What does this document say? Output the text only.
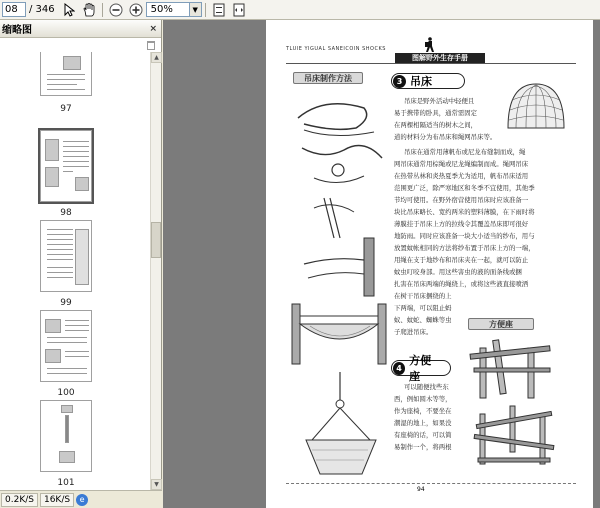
08
/ 346	50%	▼
缩略图	×
97
98
99
100
101
▲
▼
0.2K/S	16K/S	e
TLUIE YIGUAL SANEICOIN SHOCKS
图解野外生存手册
吊床制作方法	3 吊床
吊床是野外活动中轻便且
易于携带的卧具，通常需固定
在两棵相隔适当的树木之间，
道的材料分为布吊床和绳网吊床等。
吊床在通常用薄帆布或尼龙布缝制而成，绳
网吊床通常用棕绳或尼龙绳编制而成。绳网吊床
在热带丛林和炎热夏季尤为适用，帆布吊床适用
范围更广泛，除严寒地区和冬季不宜使用，其他季
节均可使用。在野外宿营使用吊床时应该准备一
块比吊床略长、宽约两米的塑料薄膜，在下雨时将
薄膜挂于吊床上方的拉线令其覆盖吊床即可很好
地防雨。同时应该准备一块大小适当的纱布，用与
放置蚊帐相同的方法将纱布置于吊床上方的一端，
用绳在支于地纱布和吊床夹在一起，就可以防止
蚊虫叮咬身部。用这些害虫的液的面条线或捆
扎害在吊床两端的绳绕上，或将这些液直接喷洒
在树干吊床捆绕的上
下两端，可以阻止蚂
蚁、蚊蛇、蜘蛛等虫
子爬进吊床。
方便座
4
方便座
可以随便找些东
西，例如圆木等等，
作为座椅，不要坐在
潮湿的地上，如果没
有座椅的话，可以简
易制作一个，将两根
94
